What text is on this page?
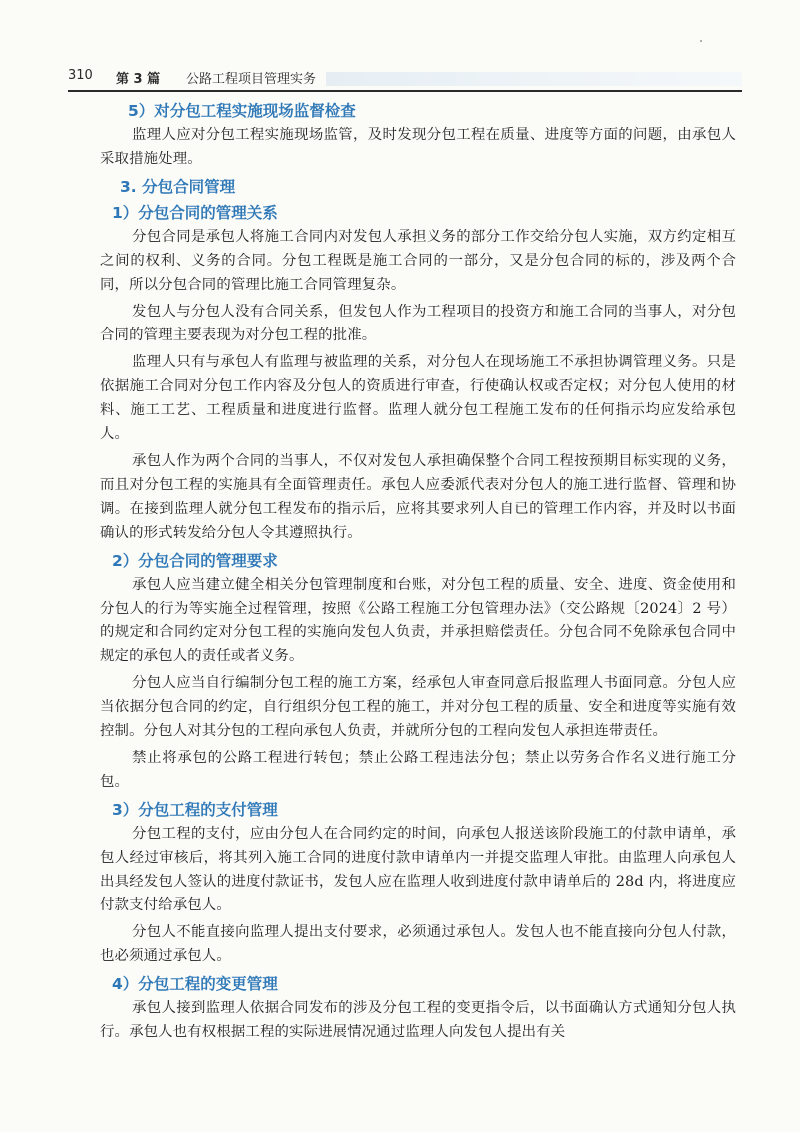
310 第 3 篇 公路工程项目管理实务
5）对分包工程实施现场监督检查

监理人应对分包工程实施现场监管，及时发现分包工程在质量、进度等方面的问题，由承包人采取措施处理。

3. 分包合同管理
1）分包合同的管理关系

分包合同是承包人将施工合同内对发包人承担义务的部分工作交给分包人实施，双方约定相互之间的权利、义务的合同。分包工程既是施工合同的一部分，又是分包合同的标的，涉及两个合同，所以分包合同的管理比施工合同管理复杂。

发包人与分包人没有合同关系，但发包人作为工程项目的投资方和施工合同的当事人，对分包合同的管理主要表现为对分包工程的批准。

监理人只有与承包人有监理与被监理的关系，对分包人在现场施工不承担协调管理义务。只是依据施工合同对分包工作内容及分包人的资质进行审查，行使确认权或否定权；对分包人使用的材料、施工工艺、工程质量和进度进行监督。监理人就分包工程施工发布的任何指示均应发给承包人。

承包人作为两个合同的当事人，不仅对发包人承担确保整个合同工程按预期目标实现的义务，而且对分包工程的实施具有全面管理责任。承包人应委派代表对分包人的施工进行监督、管理和协调。在接到监理人就分包工程发布的指示后，应将其要求列人自已的管理工作内容，并及时以书面确认的形式转发给分包人令其遵照执行。

2）分包合同的管理要求

承包人应当建立健全相关分包管理制度和台账，对分包工程的质量、安全、进度、资金使用和分包人的行为等实施全过程管理，按照《公路工程施工分包管理办法》（交公路规〔2024〕2 号）的规定和合同约定对分包工程的实施向发包人负责，并承担赔偿责任。分包合同不免除承包合同中规定的承包人的责任或者义务。

分包人应当自行编制分包工程的施工方案，经承包人审查同意后报监理人书面同意。分包人应当依据分包合同的约定，自行组织分包工程的施工，并对分包工程的质量、安全和进度等实施有效控制。分包人对其分包的工程向承包人负责，并就所分包的工程向发包人承担连带责任。

禁止将承包的公路工程进行转包；禁止公路工程违法分包；禁止以劳务合作名义进行施工分包。

3）分包工程的支付管理

分包工程的支付，应由分包人在合同约定的时间，向承包人报送该阶段施工的付款申请单，承包人经过审核后，将其列入施工合同的进度付款申请单内一并提交监理人审批。由监理人向承包人出具经发包人签认的进度付款证书，发包人应在监理人收到进度付款申请单后的 28d 内，将进度应付款支付给承包人。

分包人不能直接向监理人提出支付要求，必须通过承包人。发包人也不能直接向分包人付款，也必须通过承包人。

4）分包工程的变更管理

承包人接到监理人依据合同发布的涉及分包工程的变更指令后，以书面确认方式通知分包人执行。承包人也有权根据工程的实际进展情况通过监理人向发包人提出有关
